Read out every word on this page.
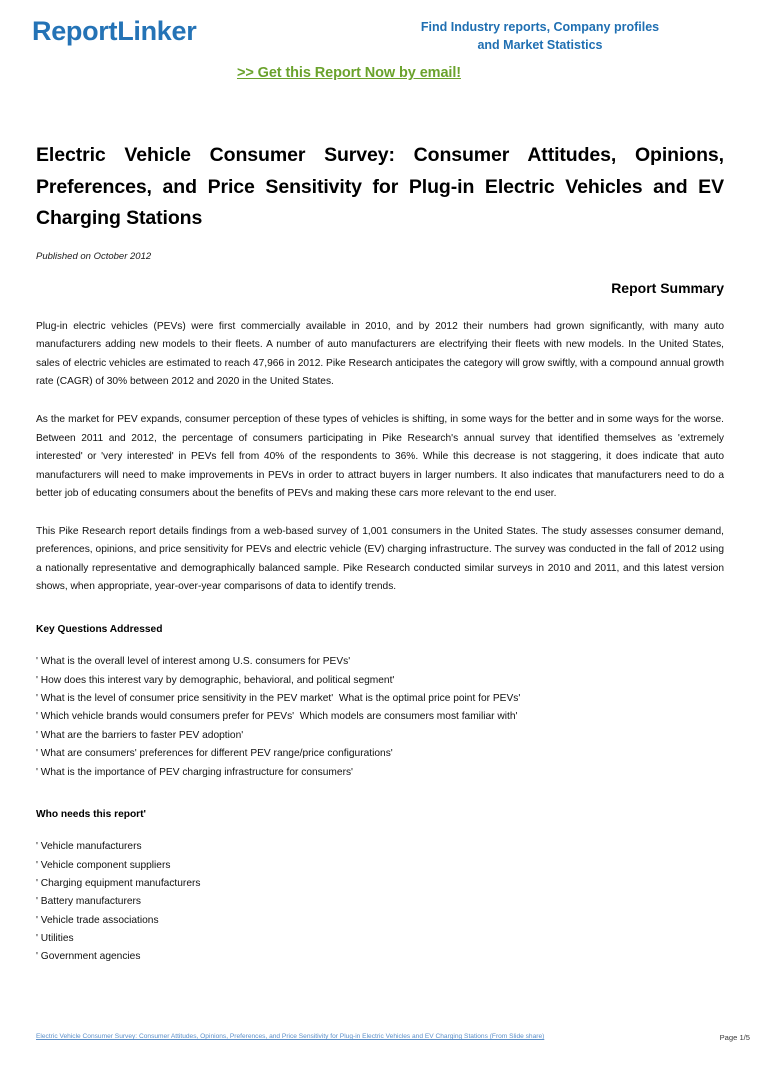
ReportLinker	Find Industry reports, Company profiles
and Market Statistics
>> Get this Report Now by email!
Electric Vehicle Consumer Survey: Consumer Attitudes, Opinions, Preferences, and Price Sensitivity for Plug-in Electric Vehicles and EV Charging Stations
Published on October 2012
Report Summary

Plug-in electric vehicles (PEVs) were first commercially available in 2010, and by 2012 their numbers had grown significantly, with many auto manufacturers adding new models to their fleets. A number of auto manufacturers are electrifying their fleets with new models. In the United States, sales of electric vehicles are estimated to reach 47,966 in 2012. Pike Research anticipates the category will grow swiftly, with a compound annual growth rate (CAGR) of 30% between 2012 and 2020 in the United States.

As the market for PEV expands, consumer perception of these types of vehicles is shifting, in some ways for the better and in some ways for the worse. Between 2011 and 2012, the percentage of consumers participating in Pike Research's annual survey that identified themselves as 'extremely interested' or 'very interested' in PEVs fell from 40% of the respondents to 36%. While this decrease is not staggering, it does indicate that auto manufacturers will need to make improvements in PEVs in order to attract buyers in larger numbers. It also indicates that manufacturers need to do a better job of educating consumers about the benefits of PEVs and making these cars more relevant to the end user.

This Pike Research report details findings from a web-based survey of 1,001 consumers in the United States. The study assesses consumer demand, preferences, opinions, and price sensitivity for PEVs and electric vehicle (EV) charging infrastructure. The survey was conducted in the fall of 2012 using a nationally representative and demographically balanced sample. Pike Research conducted similar surveys in 2010 and 2011, and this latest version shows, when appropriate, year-over-year comparisons of data to identify trends.

Key Questions Addressed
' What is the overall level of interest among U.S. consumers for PEVs'
' How does this interest vary by demographic, behavioral, and political segment'
' What is the level of consumer price sensitivity in the PEV market'  What is the optimal price point for PEVs'
' Which vehicle brands would consumers prefer for PEVs'  Which models are consumers most familiar with'
' What are the barriers to faster PEV adoption'
' What are consumers' preferences for different PEV range/price configurations'
' What is the importance of PEV charging infrastructure for consumers'
Who needs this report'
' Vehicle manufacturers
' Vehicle component suppliers
' Charging equipment manufacturers
' Battery manufacturers
' Vehicle trade associations
' Utilities
' Government agencies
Electric Vehicle Consumer Survey: Consumer Attitudes, Opinions, Preferences, and Price Sensitivity for Plug-in Electric Vehicles and EV Charging Stations (From Slide share)	Page 1/5
